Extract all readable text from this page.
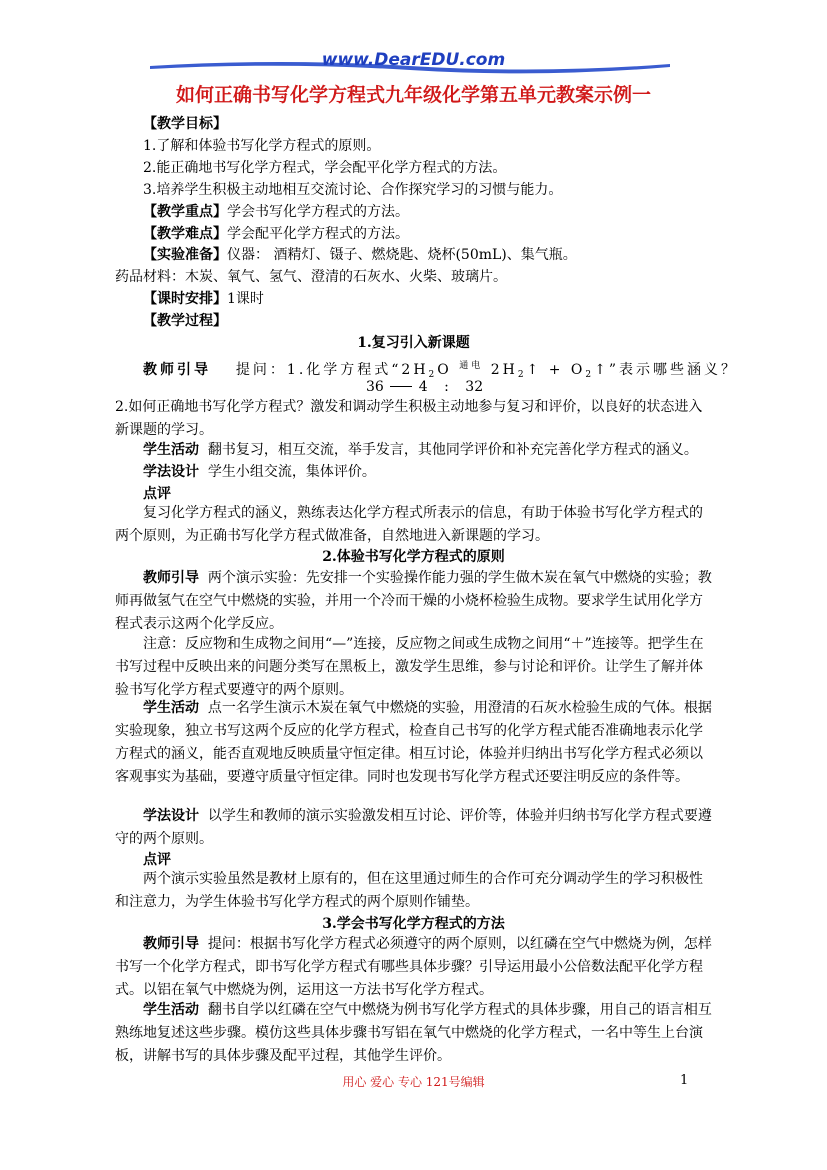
www.DearEDU.com
如何正确书写化学方程式九年级化学第五单元教案示例一
【教学目标】
1.了解和体验书写化学方程式的原则。
2.能正确地书写化学方程式，学会配平化学方程式的方法。
3.培养学生积极主动地相互交流讨论、合作探究学习的习惯与能力。
【教学重点】学会书写化学方程式的方法。
【教学难点】学会配平化学方程式的方法。
【实验准备】仪器： 酒精灯、镊子、燃烧匙、烧杯(50mL)、集气瓶。
药品材料：木炭、氧气、氢气、澄清的石灰水、火柴、玻璃片。
【课时安排】1课时
【教学过程】
1.复习引入新课题
教师引导 提问：1.化学方程式“$2H_2O$ $^{通电}$ $2H_2↑$ + $O_2↑$”表示哪些涵义？
36 4 : 32
2.如何正确地书写化学方程式？激发和调动学生积极主动地参与复习和评价，以良好的状态进入新课题的学习。
学生活动 翻书复习，相互交流，举手发言，其他同学评价和补充完善化学方程式的涵义。
学法设计 学生小组交流，集体评价。
点评
复习化学方程式的涵义，熟练表达化学方程式所表示的信息，有助于体验书写化学方程式的两个原则，为正确书写化学方程式做准备，自然地进入新课题的学习。
2.体验书写化学方程式的原则
教师引导 两个演示实验：先安排一个实验操作能力强的学生做木炭在氧气中燃烧的实验；教师再做氢气在空气中燃烧的实验，并用一个冷而干燥的小烧杯检验生成物。要求学生试用化学方程式表示这两个化学反应。
注意：反应物和生成物之间用“—”连接，反应物之间或生成物之间用“＋”连接等。把学生在书写过程中反映出来的问题分类写在黑板上，激发学生思维，参与讨论和评价。让学生了解并体验书写化学方程式要遵守的两个原则。
学生活动 点一名学生演示木炭在氧气中燃烧的实验，用澄清的石灰水检验生成的气体。根据实验现象，独立书写这两个反应的化学方程式，检查自己书写的化学方程式能否准确地表示化学方程式的涵义，能否直观地反映质量守恒定律。相互讨论，体验并归纳出书写化学方程式必须以客观事实为基础，要遵守质量守恒定律。同时也发现书写化学方程式还要注明反应的条件等。
学法设计 以学生和教师的演示实验激发相互讨论、评价等，体验并归纳书写化学方程式要遵守的两个原则。
点评
两个演示实验虽然是教材上原有的，但在这里通过师生的合作可充分调动学生的学习积极性和注意力，为学生体验书写化学方程式的两个原则作铺垫。
3.学会书写化学方程式的方法
教师引导 提问：根据书写化学方程式必须遵守的两个原则，以红磷在空气中燃烧为例，怎样书写一个化学方程式，即书写化学方程式有哪些具体步骤？引导运用最小公倍数法配平化学方程式。以铝在氧气中燃烧为例，运用这一方法书写化学方程式。
学生活动 翻书自学以红磷在空气中燃烧为例书写化学方程式的具体步骤，用自己的语言相互熟练地复述这些步骤。模仿这些具体步骤书写铝在氧气中燃烧的化学方程式，一名中等生上台演板，讲解书写的具体步骤及配平过程，其他学生评价。
用心 爱心 专心 121号编辑	1
